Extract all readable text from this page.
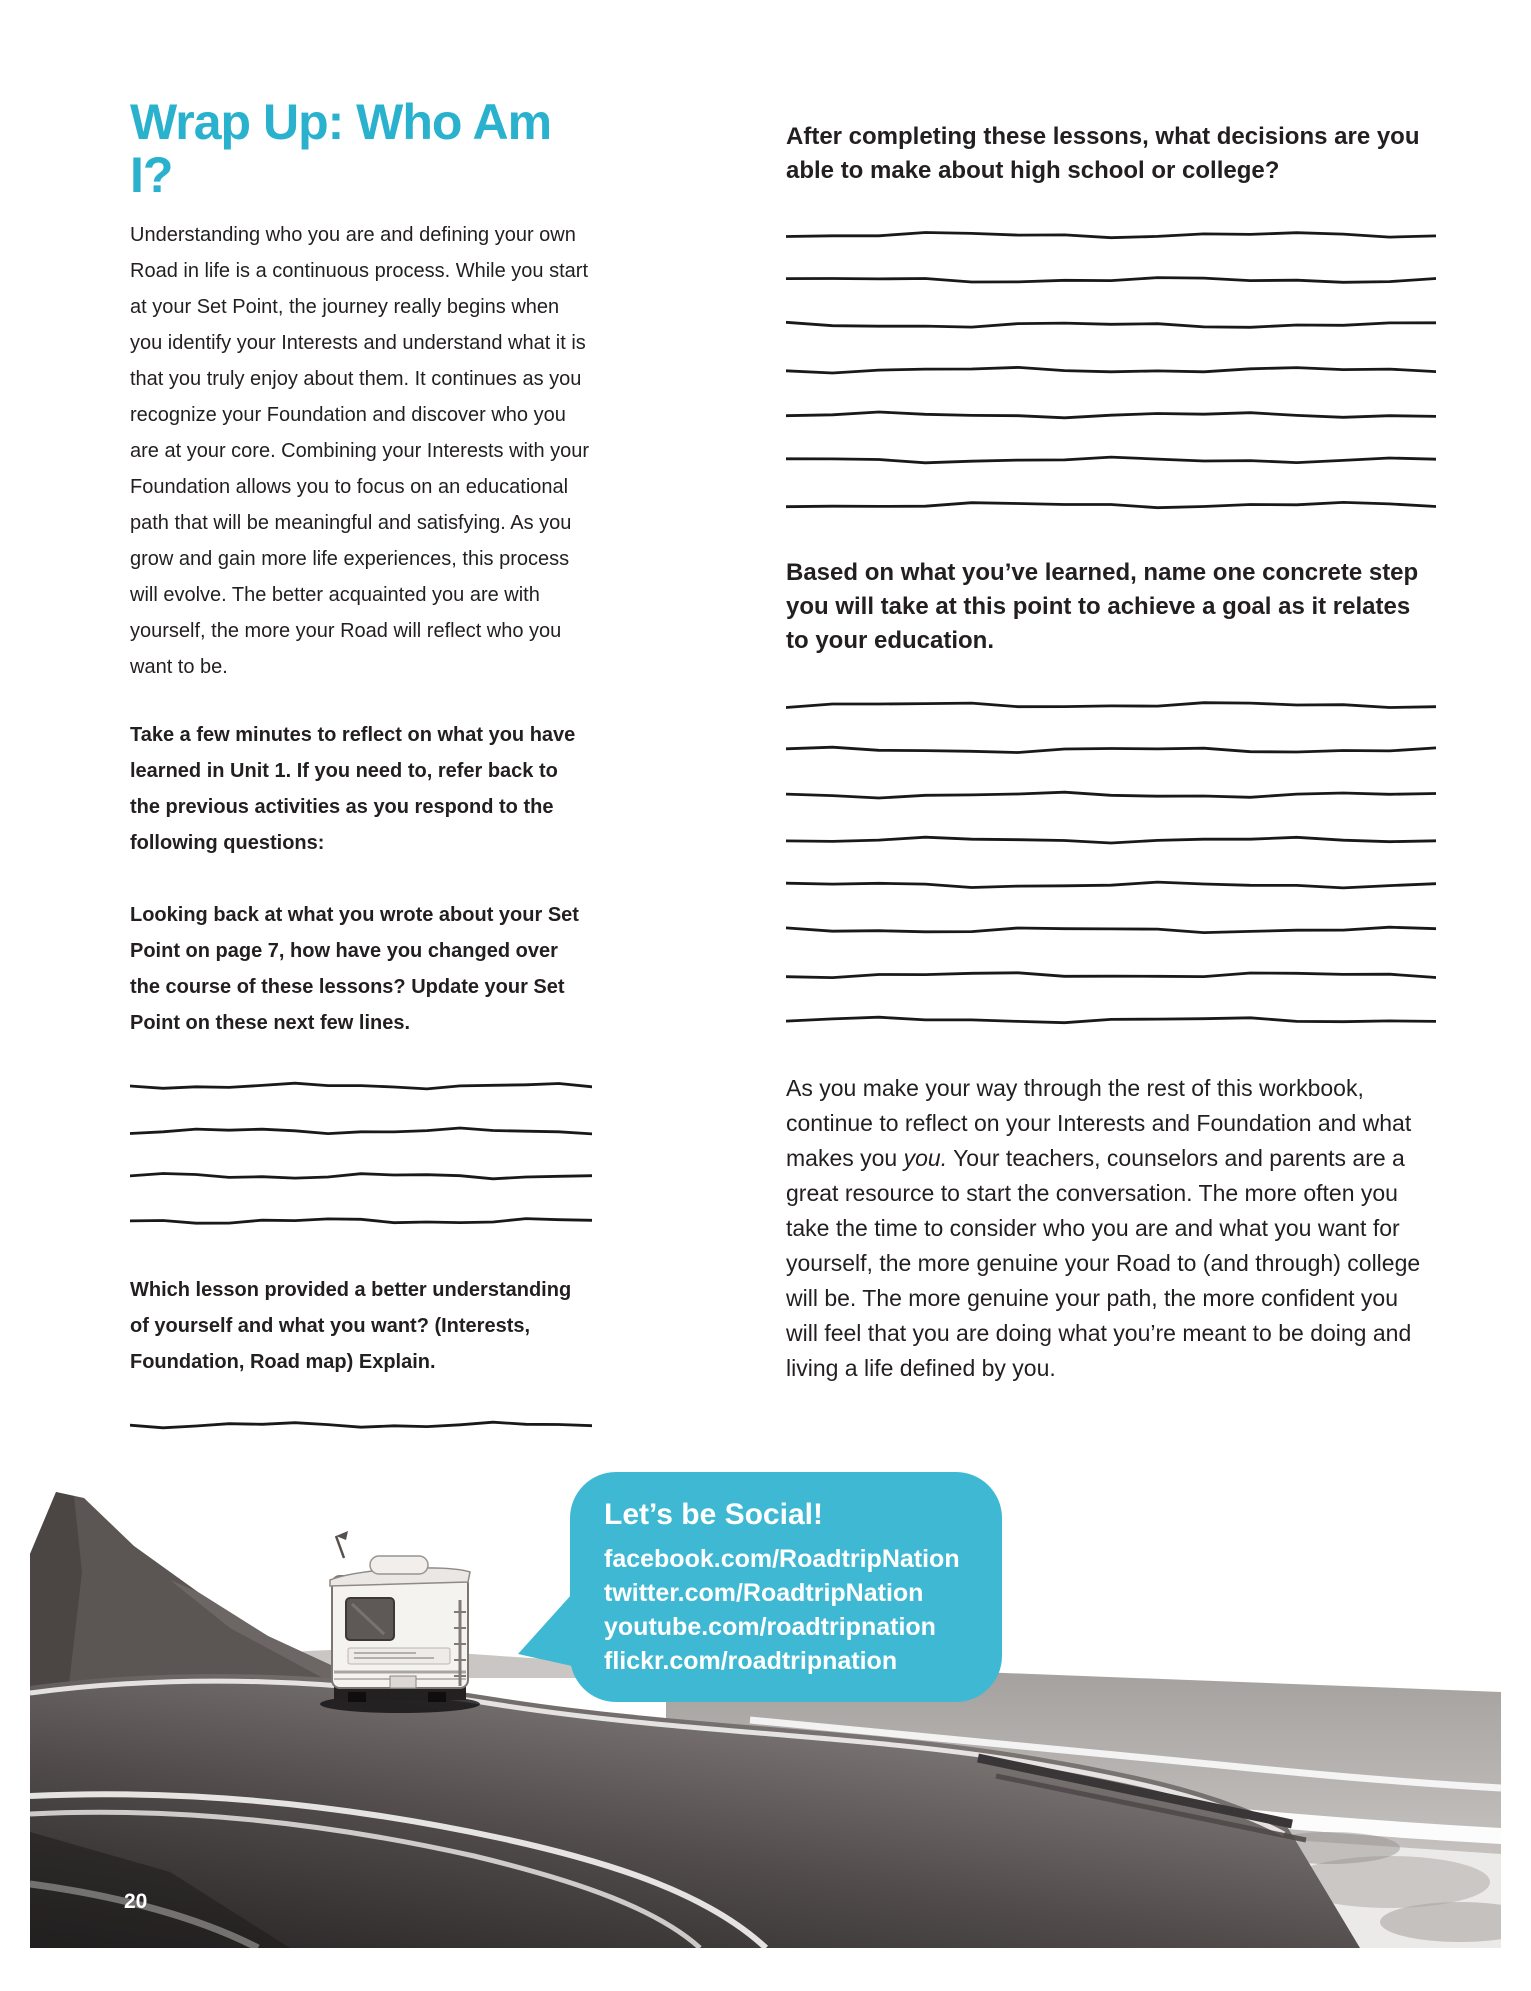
Wrap Up: Who Am I?

Understanding who you are and defining your own Road in life is a continuous process. While you start at your Set Point, the journey really begins when you identify your Interests and understand what it is that you truly enjoy about them. It continues as you recognize your Foundation and discover who you are at your core. Combining your Interests with your Foundation allows you to focus on an educational path that will be meaningful and satisfying. As you grow and gain more life experiences, this process will evolve. The better acquainted you are with yourself, the more your Road will reflect who you want to be.

Take a few minutes to reflect on what you have learned in Unit 1. If you need to, refer back to the previous activities as you respond to the following questions:

Looking back at what you wrote about your Set Point on page 7, how have you changed over the course of these lessons? Update your Set Point on these next few lines.

Which lesson provided a better understanding of yourself and what you want? (Interests, Foundation, Road map) Explain.

After completing these lessons, what decisions are you able to make about high school or college?

Based on what you’ve learned, name one concrete step you will take at this point to achieve a goal as it relates to your education.

As you make your way through the rest of this workbook, continue to reflect on your Interests and Foundation and what makes you you. Your teachers, counselors and parents are a great resource to start the conversation. The more often you take the time to consider who you are and what you want for yourself, the more genuine your Road to (and through) college will be. The more genuine your path, the more confident you will feel that you are doing what you’re meant to be doing and living a life defined by you.

Let’s be Social!
facebook.com/RoadtripNation
twitter.com/RoadtripNation
youtube.com/roadtripnation
flickr.com/roadtripnation
20
